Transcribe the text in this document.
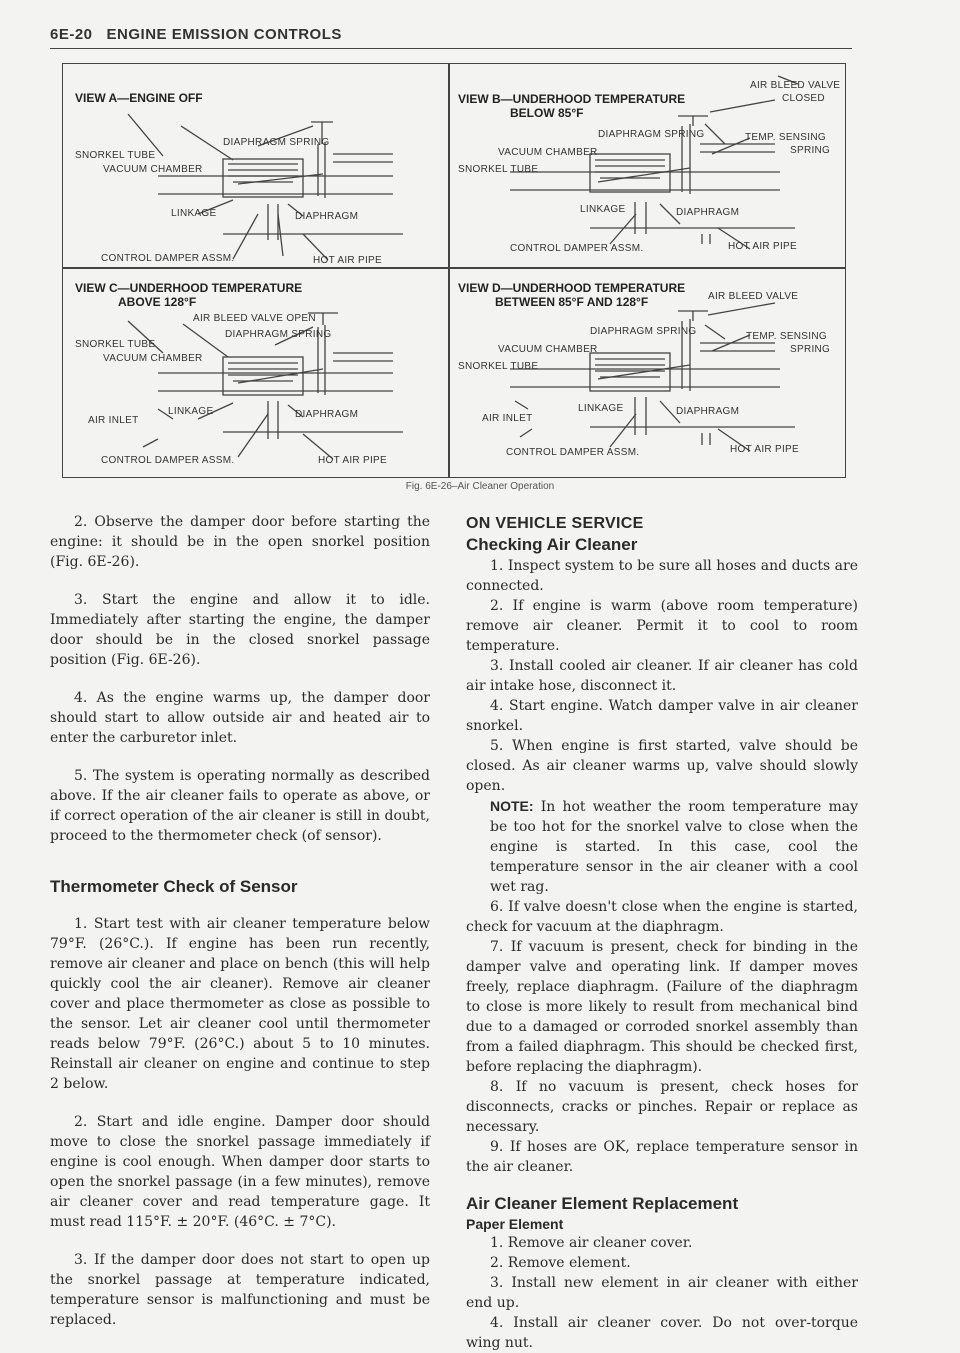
6E-20 ENGINE EMISSION CONTROLS
VIEW A—ENGINE OFF
SNORKEL TUBE
VACUUM CHAMBER
DIAPHRAGM SPRING
LINKAGE	DIAPHRAGM
CONTROL DAMPER ASSM.	HOT AIR PIPE
AIR BLEED VALVE
CLOSED
VIEW B—UNDERHOOD TEMPERATURE
BELOW 85°F
DIAPHRAGM SPRING	TEMP. SENSING
SPRING
VACUUM CHAMBER
SNORKEL TUBE
LINKAGE	DIAPHRAGM
CONTROL DAMPER ASSM.	HOT AIR PIPE
VIEW C—UNDERHOOD TEMPERATURE
ABOVE 128°F
AIR BLEED VALVE OPEN
DIAPHRAGM SPRING
SNORKEL TUBE
VACUUM CHAMBER
LINKAGE
AIR INLET
DIAPHRAGM
CONTROL DAMPER ASSM.	HOT AIR PIPE
VIEW D—UNDERHOOD TEMPERATURE
BETWEEN 85°F AND 128°F	AIR BLEED VALVE
DIAPHRAGM SPRING	TEMP. SENSING
SPRING
VACUUM CHAMBER
SNORKEL TUBE
AIR INLET
LINKAGE	DIAPHRAGM
CONTROL DAMPER ASSM.	HOT AIR PIPE
Fig. 6E-26–Air Cleaner Operation

2. Observe the damper door before starting the engine: it should be in the open snorkel position (Fig. 6E-26).

3. Start the engine and allow it to idle. Immediately after starting the engine, the damper door should be in the closed snorkel passage position (Fig. 6E-26).

4. As the engine warms up, the damper door should start to allow outside air and heated air to enter the carburetor inlet.

5. The system is operating normally as described above. If the air cleaner fails to operate as above, or if correct operation of the air cleaner is still in doubt, proceed to the thermometer check (of sensor).

Thermometer Check of Sensor

1. Start test with air cleaner temperature below 79°F. (26°C.). If engine has been run recently, remove air cleaner and place on bench (this will help quickly cool the air cleaner). Remove air cleaner cover and place thermometer as close as possible to the sensor. Let air cleaner cool until thermometer reads below 79°F. (26°C.) about 5 to 10 minutes. Reinstall air cleaner on engine and continue to step 2 below.

2. Start and idle engine. Damper door should move to close the snorkel passage immediately if engine is cool enough. When damper door starts to open the snorkel passage (in a few minutes), remove air cleaner cover and read temperature gage. It must read 115°F. ± 20°F. (46°C. ± 7°C).

3. If the damper door does not start to open up the snorkel passage at temperature indicated, temperature sensor is malfunctioning and must be replaced.

ON VEHICLE SERVICE
Checking Air Cleaner

1. Inspect system to be sure all hoses and ducts are connected.

2. If engine is warm (above room temperature) remove air cleaner. Permit it to cool to room temperature.

3. Install cooled air cleaner. If air cleaner has cold air intake hose, disconnect it.

4. Start engine. Watch damper valve in air cleaner snorkel.

5. When engine is first started, valve should be closed. As air cleaner warms up, valve should slowly open.

NOTE: In hot weather the room temperature may be too hot for the snorkel valve to close when the engine is started. In this case, cool the temperature sensor in the air cleaner with a cool wet rag.

6. If valve doesn't close when the engine is started, check for vacuum at the diaphragm.

7. If vacuum is present, check for binding in the damper valve and operating link. If damper moves freely, replace diaphragm. (Failure of the diaphragm to close is more likely to result from mechanical bind due to a damaged or corroded snorkel assembly than from a failed diaphragm. This should be checked first, before replacing the diaphragm).

8. If no vacuum is present, check hoses for disconnects, cracks or pinches. Repair or replace as necessary.

9. If hoses are OK, replace temperature sensor in the air cleaner.

Air Cleaner Element Replacement
Paper Element

1. Remove air cleaner cover.

2. Remove element.

3. Install new element in air cleaner with either end up.

4. Install air cleaner cover. Do not over-torque wing nut.
